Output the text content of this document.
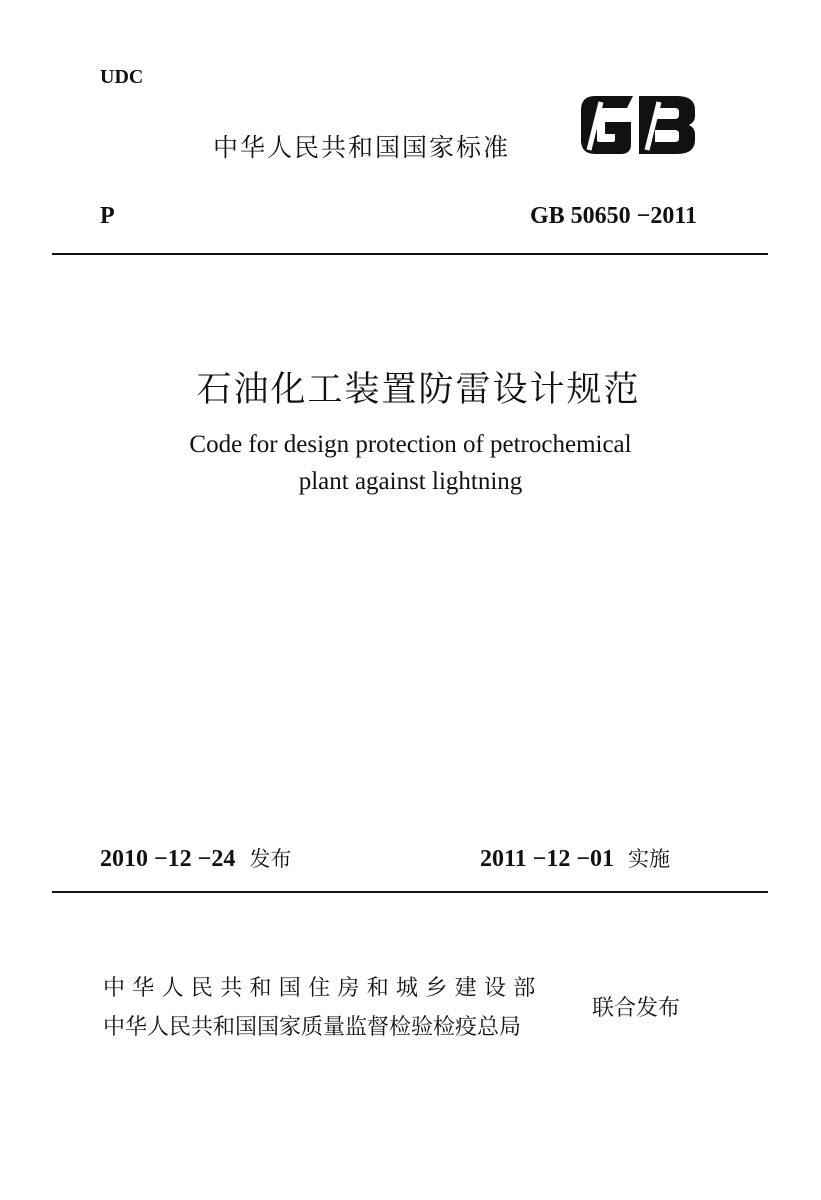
UDC
中华人民共和国国家标准
P	GB 50650 −2011
石油化工装置防雷设计规范
Code for design protection of petrochemical
plant against lightning
2010 −12 −24 发布	2011 −12 −01 实施
中华人民共和国住房和城乡建设部
中华人民共和国国家质量监督检验检疫总局
联合发布
